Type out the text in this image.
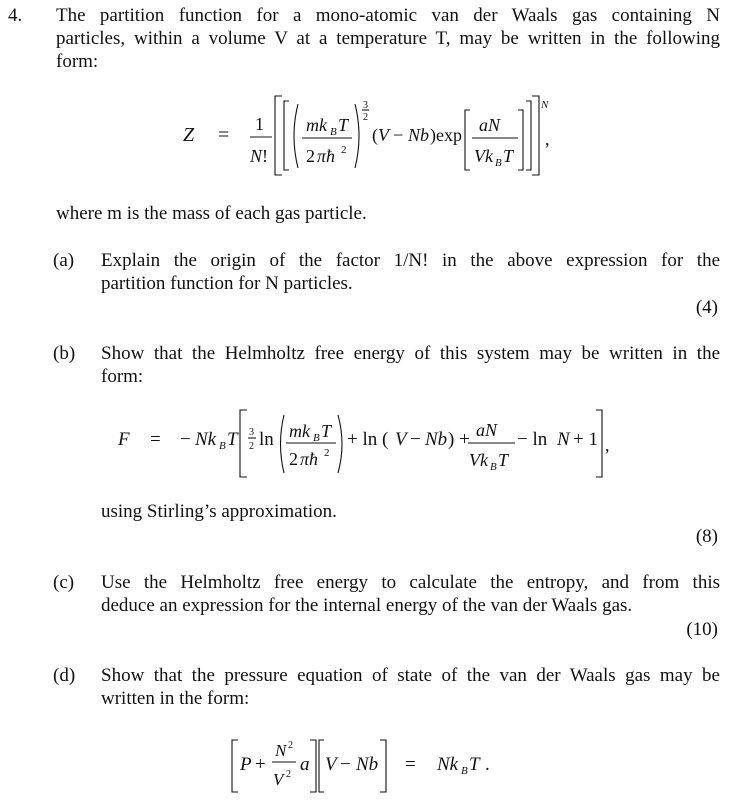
4. The partition function for a mono-atomic van der Waals gas containing N
particles, within a volume V at a temperature T, may be written in the following
form:
Z = 1
N !
mk B T
2 πħ 2
3
2
( V − Nb )exp aN
Vk B T
N
,
F = − Nk B T 3
2 ln mk B T
2 πħ 2
+ ln ( V − Nb ) + aN
Vk B T
− ln N + 1 ,
P +
N 2
V 2 a V − Nb = Nk B T .
where m is the mass of each gas particle.
(a) Explain the origin of the factor 1/N! in the above expression for the
partition function for N particles.
(4)
(b) Show that the Helmholtz free energy of this system may be written in the
form:
using Stirling’s approximation.
(8)
(c) Use the Helmholtz free energy to calculate the entropy, and from this
deduce an expression for the internal energy of the van der Waals gas.
(10)
(d) Show that the pressure equation of state of the van der Waals gas may be
written in the form:
